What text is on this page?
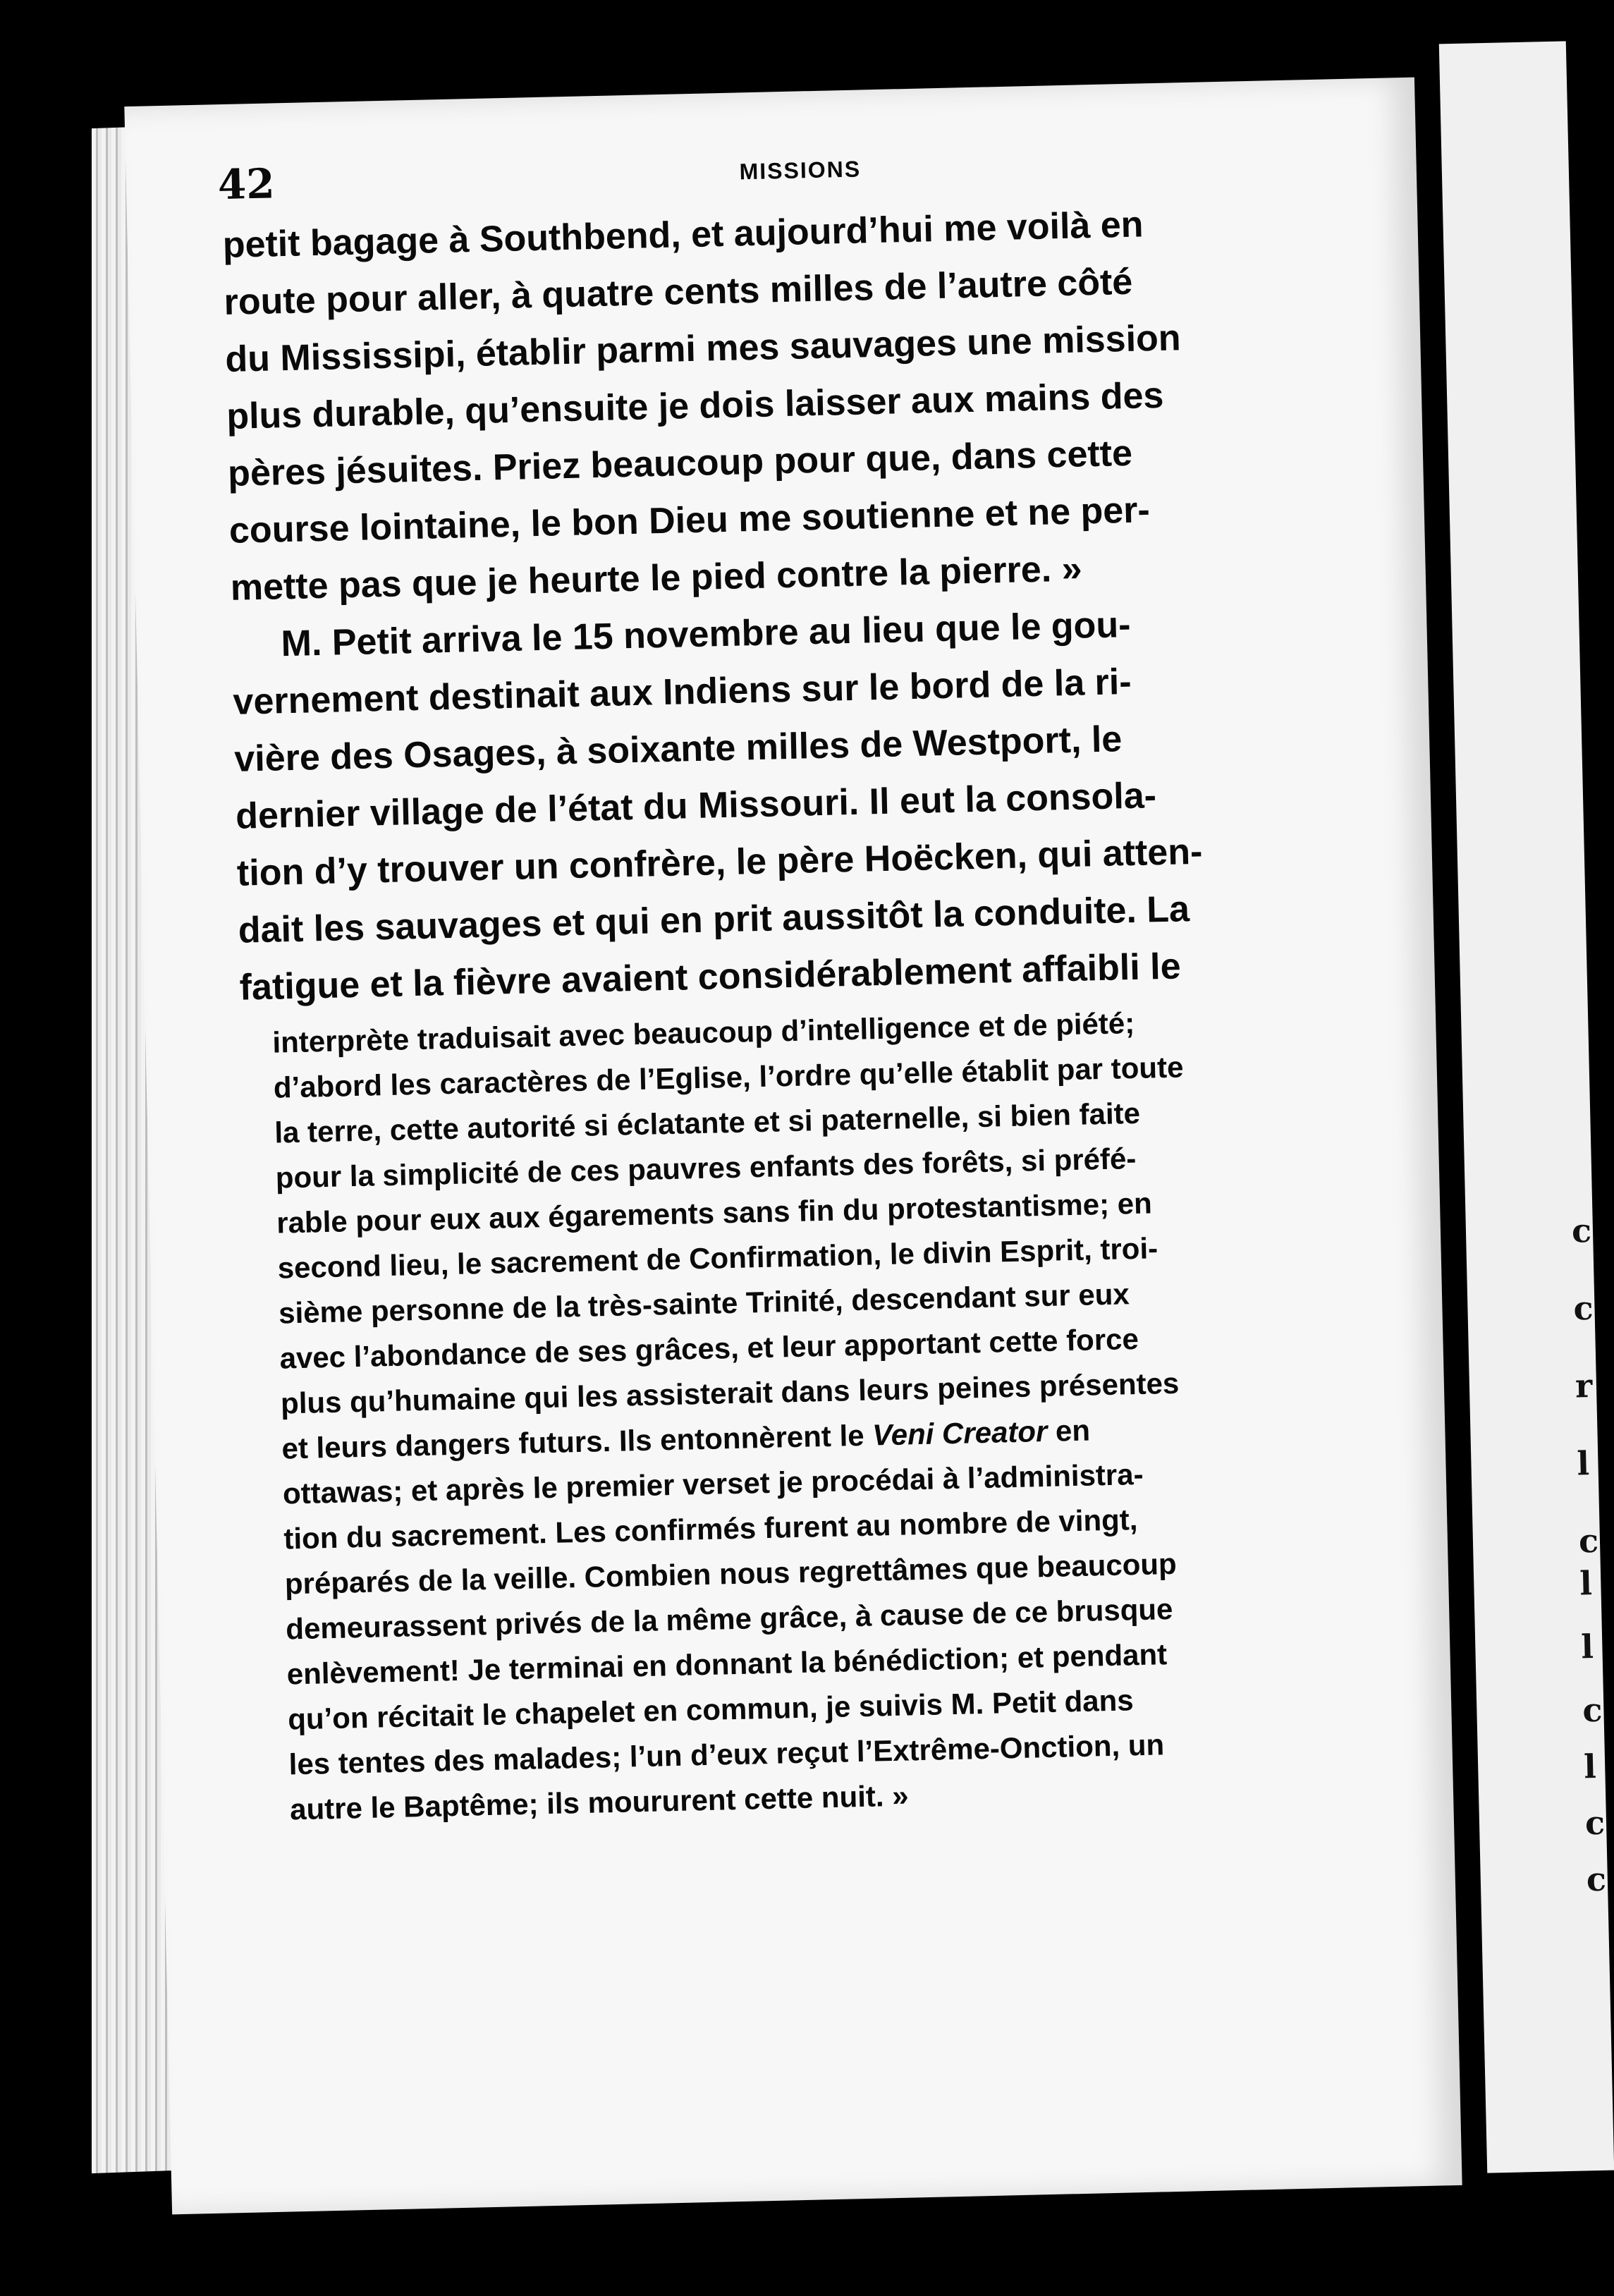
c
c
r
l
c
l
l
c
l
c
c
42	MISSIONS
petit bagage à Southbend, et aujourd’hui me voilà en
route pour aller, à quatre cents milles de l’autre côté
du Mississipi, établir parmi mes sauvages une mission
plus durable, qu’ensuite je dois laisser aux mains des
pères jésuites. Priez beaucoup pour que, dans cette
course lointaine, le bon Dieu me soutienne et ne per-
mette pas que je heurte le pied contre la pierre. »
M. Petit arriva le 15 novembre au lieu que le gou-
vernement destinait aux Indiens sur le bord de la ri-
vière des Osages, à soixante milles de Westport, le
dernier village de l’état du Missouri. Il eut la consola-
tion d’y trouver un confrère, le père Hoëcken, qui atten-
dait les sauvages et qui en prit aussitôt la conduite. La
fatigue et la fièvre avaient considérablement affaibli le
interprète traduisait avec beaucoup d’intelligence et de piété;
d’abord les caractères de l’Eglise, l’ordre qu’elle établit par toute
la terre, cette autorité si éclatante et si paternelle, si bien faite
pour la simplicité de ces pauvres enfants des forêts, si préfé-
rable pour eux aux égarements sans fin du protestantisme; en
second lieu, le sacrement de Confirmation, le divin Esprit, troi-
sième personne de la très-sainte Trinité, descendant sur eux
avec l’abondance de ses grâces, et leur apportant cette force
plus qu’humaine qui les assisterait dans leurs peines présentes
et leurs dangers futurs. Ils entonnèrent le Veni Creator en
ottawas; et après le premier verset je procédai à l’administra-
tion du sacrement. Les confirmés furent au nombre de vingt,
préparés de la veille. Combien nous regrettâmes que beaucoup
demeurassent privés de la même grâce, à cause de ce brusque
enlèvement! Je terminai en donnant la bénédiction; et pendant
qu’on récitait le chapelet en commun, je suivis M. Petit dans
les tentes des malades; l’un d’eux reçut l’Extrême-Onction, un
autre le Baptême; ils moururent cette nuit. »
